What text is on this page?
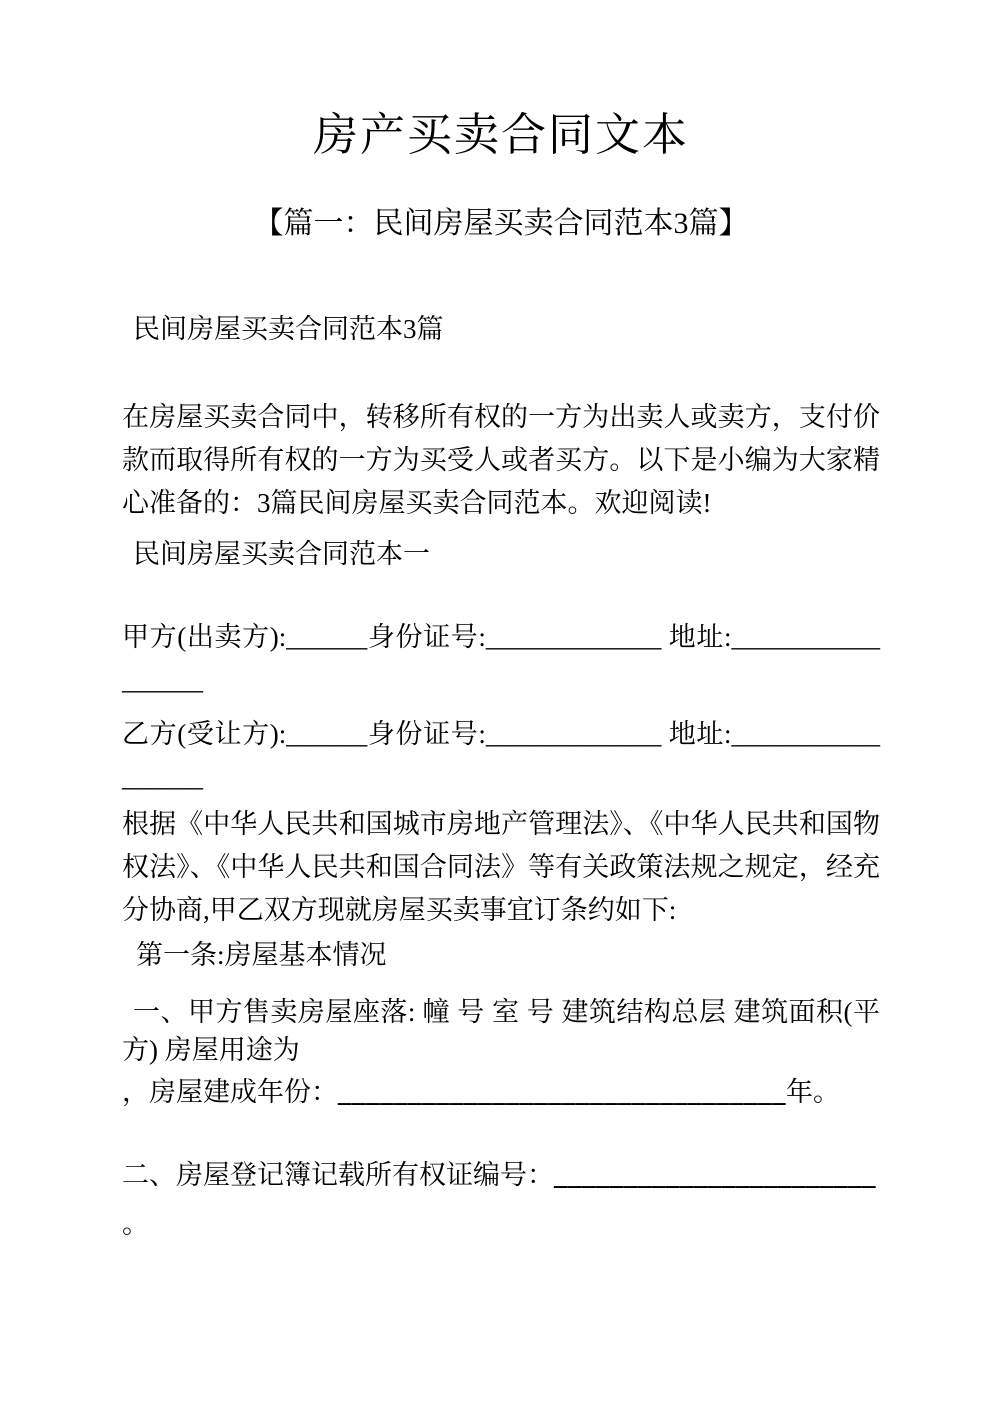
房产买卖合同文本
【篇一：民间房屋买卖合同范本3篇】

民间房屋买卖合同范本3篇

在房屋买卖合同中，转移所有权的一方为出卖人或卖方，支付价款而取得所有权的一方为买受人或者买方。以下是小编为大家精心准备的：3篇民间房屋买卖合同范本。欢迎阅读!

民间房屋买卖合同范本一

甲方(出卖方):______身份证号:_____________ 地址:_________________

乙方(受让方):______身份证号:_____________ 地址:_________________

根据《中华人民共和国城市房地产管理法》、《中华人民共和国物权法》、《中华人民共和国合同法》等有关政策法规之规定，经充分协商,甲乙双方现就房屋买卖事宜订条约如下:

第一条:房屋基本情况

一、甲方售卖房屋座落: 幢 号 室 号 建筑结构总层 建筑面积(平方) 房屋用途为

，房屋建成年份：________________________________年。

二、房屋登记簿记载所有权证编号：_______________________

。
